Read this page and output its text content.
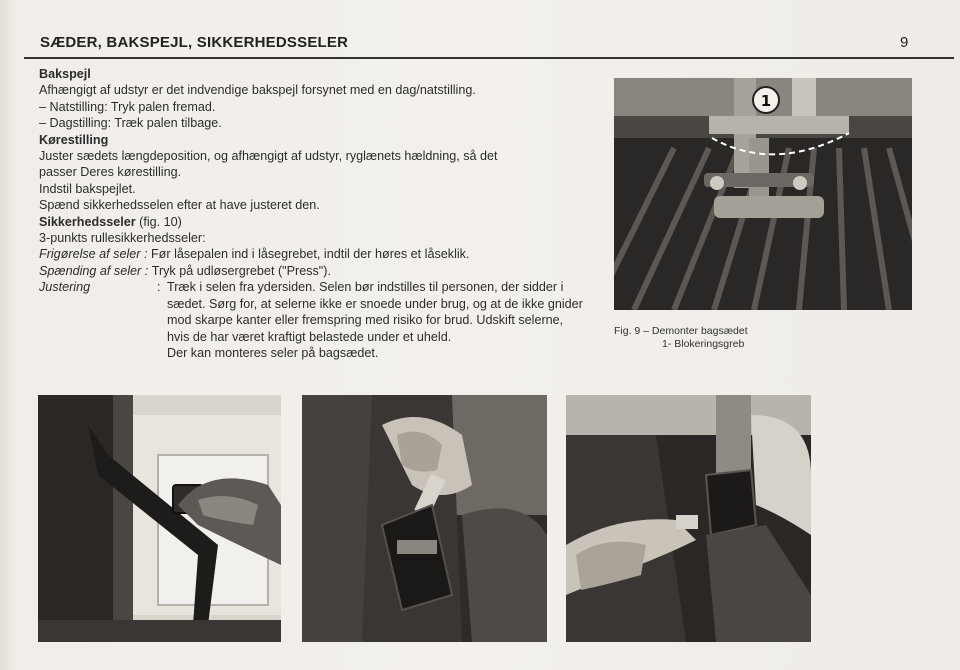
SÆDER, BAKSPEJL, SIKKERHEDSSELER	9
Bakspejl
Afhængigt af udstyr er det indvendige bakspejl forsynet med en dag/natstilling.
– Natstilling: Tryk palen fremad.
– Dagstilling: Træk palen tilbage.
Kørestilling
Juster sædets længdeposition, og afhængigt af udstyr, ryglænets hældning, så det
passer Deres kørestilling.
Indstil bakspejlet.
Spænd sikkerhedsselen efter at have justeret den.
Sikkerhedsseler (fig. 10)
3-punkts rullesikkerhedsseler:
Frigørelse af seler :
Før låsepalen ind i låsegrebet, indtil der høres et låseklik.
Spænding af seler :
Tryk på udløsergrebet ("Press").
Justering	: Træk i selen fra ydersiden. Selen bør indstilles til personen, der sidder i sædet. Sørg for, at selerne ikke er snoede under brug, og at de ikke gnider mod skarpe kanter eller fremspring med risiko for brud. Udskift selerne, hvis de har været kraftigt belastede under et uheld.
Der kan monteres seler på bagsædet.
1
Fig. 9 – Demonter bagsædet
1- Blokeringsgreb
